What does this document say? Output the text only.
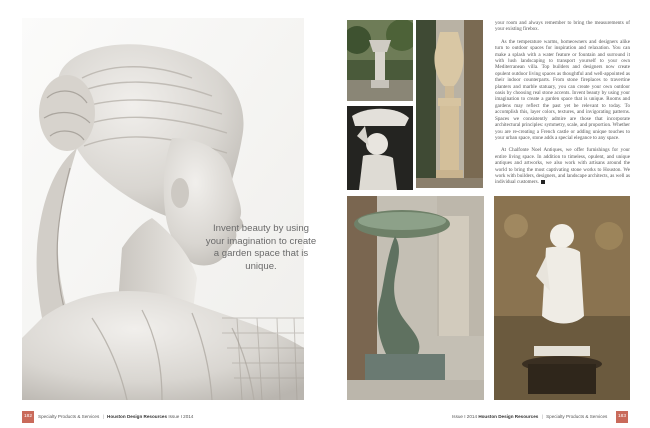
Invent beauty by using your imagination to create a garden space that is unique.
182	Specialty Products & Services | Houston Design Resources Issue I 2014

your room and always remember to bring the measurements of your existing firebox.

As the temperature warms, homeowners and designers alike turn to outdoor spaces for inspiration and relaxation. You can make a splash with a water feature or fountain and surround it with lush landscaping to transport yourself to your own Mediterranean villa. Top builders and designers now create opulent outdoor living spaces as thoughtful and well-appointed as their indoor counterparts. From stone fireplaces to travertine planters and marble statuary, you can create your own outdoor oasis by choosing real stone accents. Invent beauty by using your imagination to create a garden space that is unique. Rooms and gardens may reflect the past yet be relevant to today. To accomplish this, layer colors, textures, and invigorating patterns. Spaces we consistently admire are those that incorporate architectural principles: symmetry, scale, and proportion. Whether you are re-creating a French castle or adding unique touches to your urban space, stone adds a special elegance to any space.

At Chalfonte Noel Antiques, we offer furnishings for your entire living space. In addition to timeless, opulent, and unique antiques and artworks, we also work with artisans around the world to bring the most captivating stone works to Houston. We work with builders, designers, and landscape architects, as well as individual customers.

Issue I 2014 Houston Design Resources | Specialty Products & Services	183
